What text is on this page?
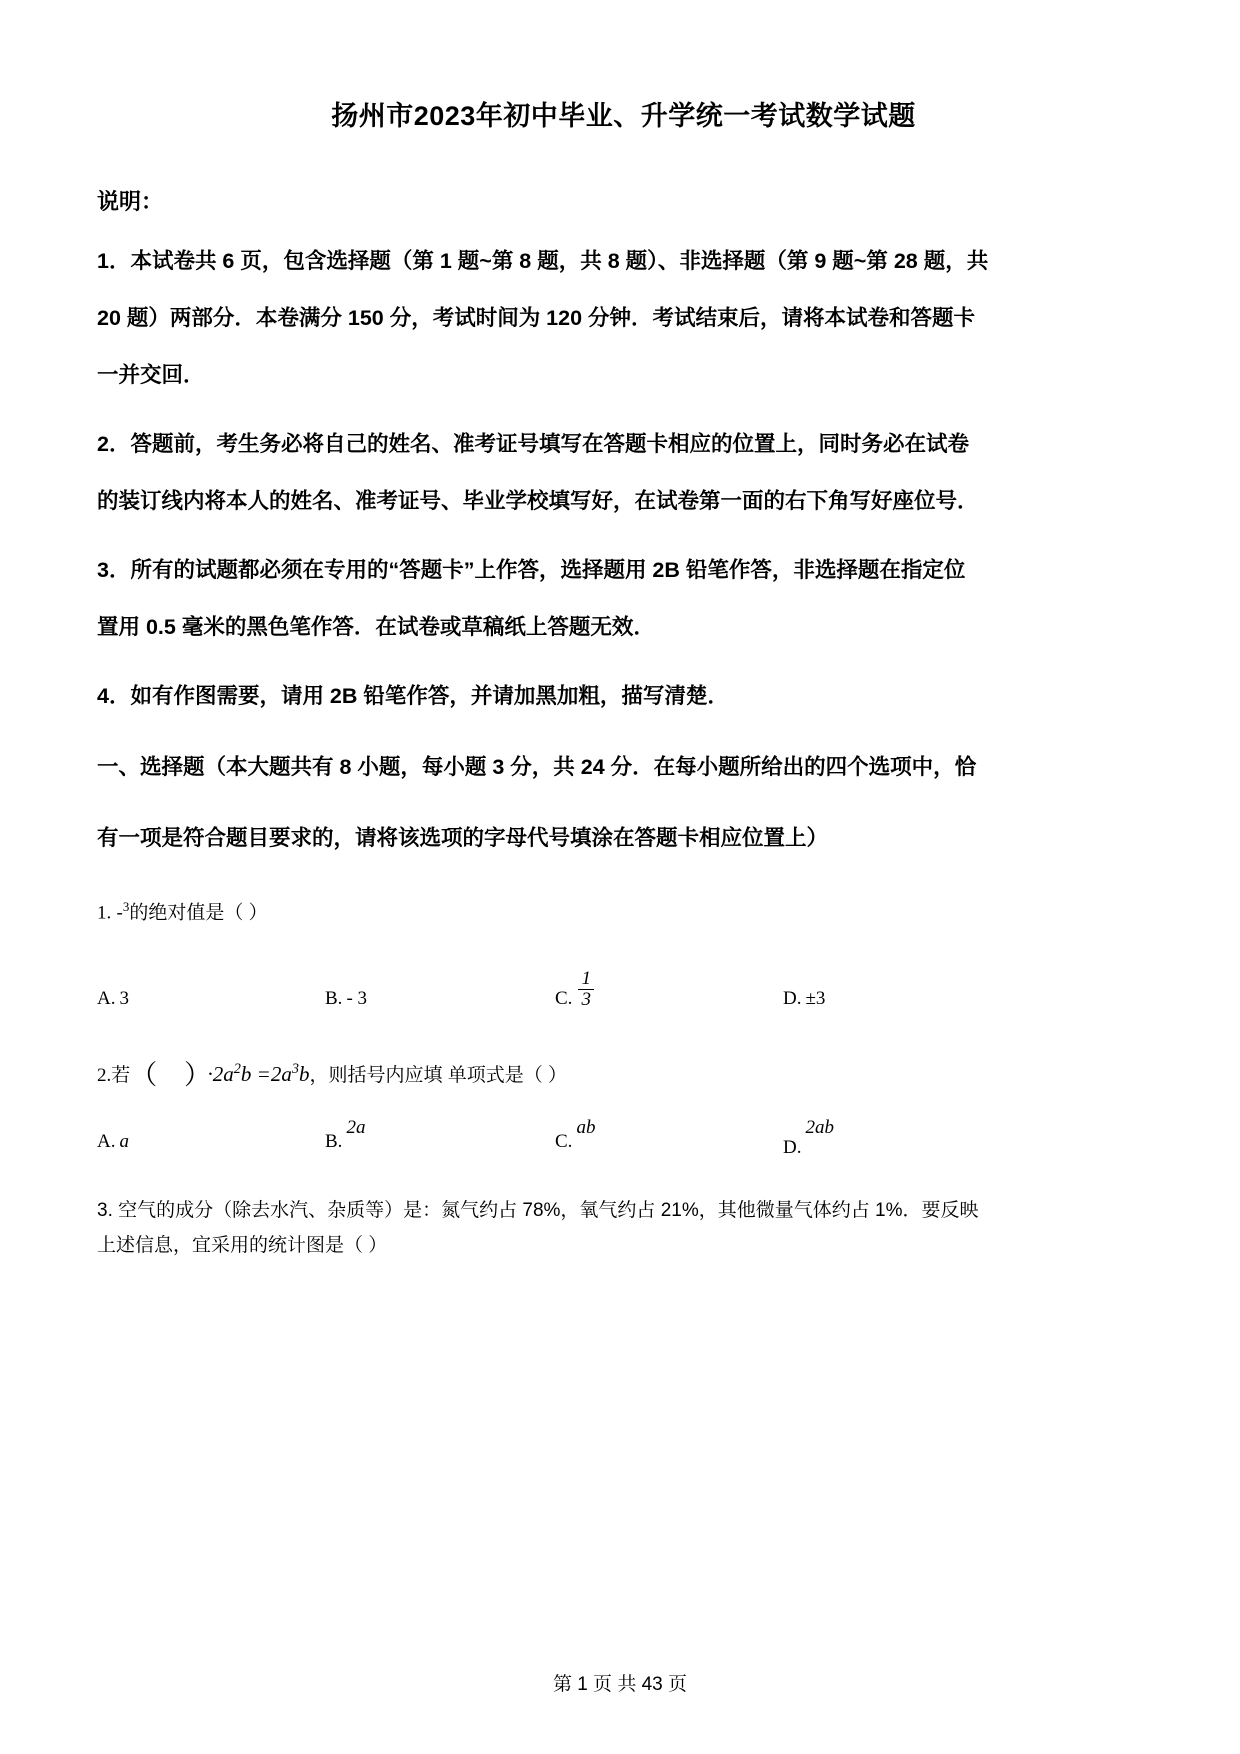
扬州市2023年初中毕业、升学统一考试数学试题
说明：
1．本试卷共 6 页，包含选择题（第 1 题~第 8 题，共 8 题）、非选择题（第 9 题~第 28 题，共
20 题）两部分．本卷满分 150 分，考试时间为 120 分钟．考试结束后，请将本试卷和答题卡
一并交回．
2．答题前，考生务必将自己的姓名、准考证号填写在答题卡相应的位置上，同时务必在试卷
的装订线内将本人的姓名、准考证号、毕业学校填写好，在试卷第一面的右下角写好座位号．
3．所有的试题都必须在专用的“答题卡”上作答，选择题用 2B 铅笔作答，非选择题在指定位
置用 0.5 毫米的黑色笔作答．在试卷或草稿纸上答题无效．
4．如有作图需要，请用 2B 铅笔作答，并请加黑加粗，描写清楚．
一、选择题（本大题共有 8 小题，每小题 3 分，共 24 分．在每小题所给出的四个选项中，恰
有一项是符合题目要求的，请将该选项的字母代号填涂在答题卡相应位置上）
1. -$^3$的绝对值是（ ）
A. 3	B. - 3	C. $\frac{1}{3}$	D. ±3
2.若（ ）$\cdot 2a^2b =2a^3b$，则括号内应填 单项式是（ ）
A. a	B.
2a
C.
ab
D.
2ab
3. 空气的成分（除去水汽、杂质等）是：氮气约占 78%，氧气约占 21%，其他微量气体约占 1%．要反映
上述信息，宜采用的统计图是（ ）
第 1 页 共 43 页
